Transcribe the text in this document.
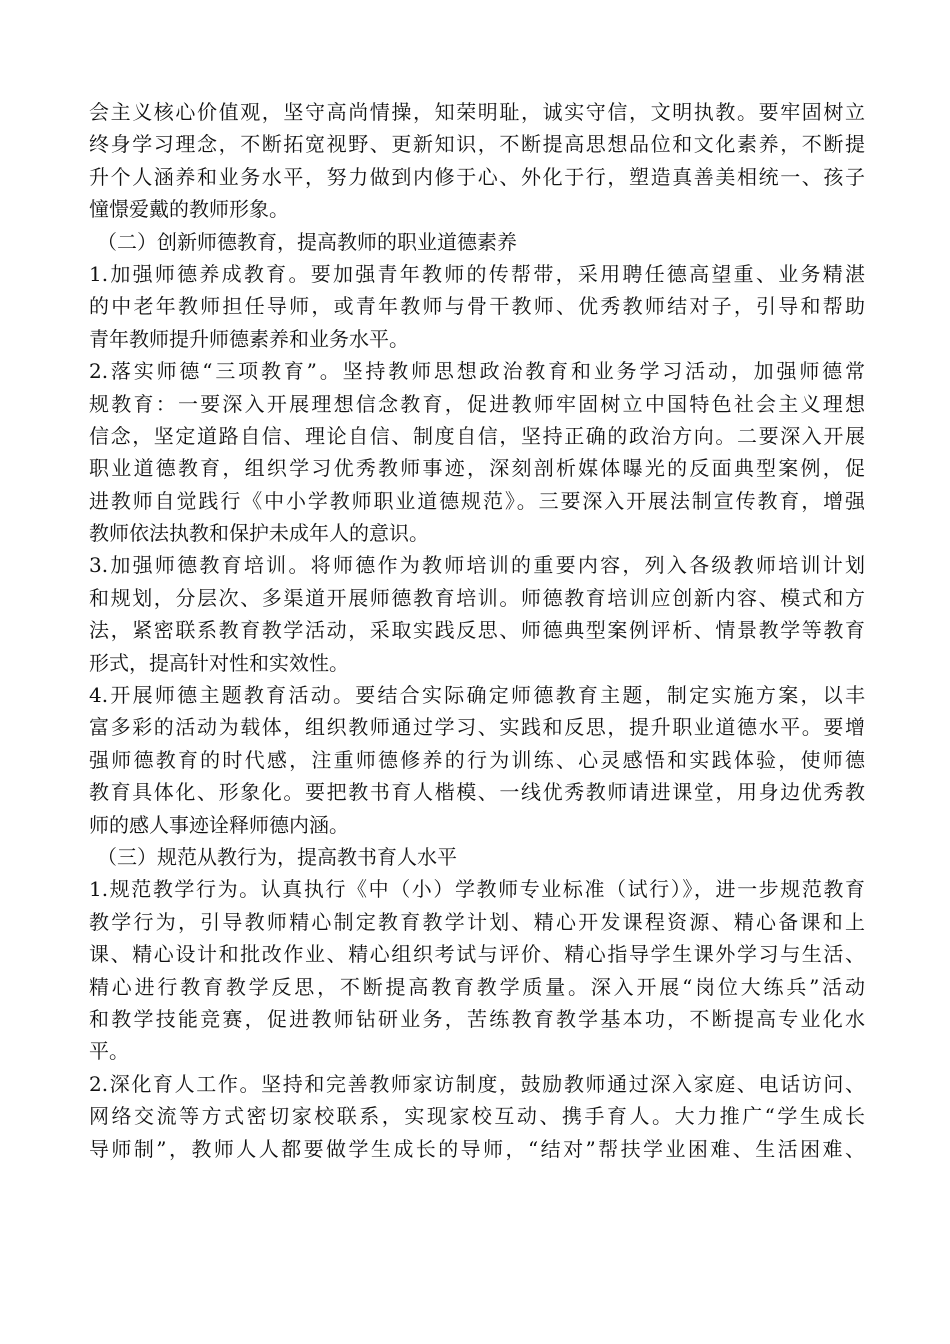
会主义核心价值观，坚守高尚情操，知荣明耻，诚实守信，文明执教。要牢固树立
终身学习理念，不断拓宽视野、更新知识，不断提高思想品位和文化素养，不断提
升个人涵养和业务水平，努力做到内修于心、外化于行，塑造真善美相统一、孩子
憧憬爱戴的教师形象。
（二）创新师德教育，提高教师的职业道德素养
1.加强师德养成教育。要加强青年教师的传帮带，采用聘任德高望重、业务精湛
的中老年教师担任导师，或青年教师与骨干教师、优秀教师结对子，引导和帮助
青年教师提升师德素养和业务水平。
2.落实师德“三项教育”。坚持教师思想政治教育和业务学习活动，加强师德常
规教育：一要深入开展理想信念教育，促进教师牢固树立中国特色社会主义理想
信念，坚定道路自信、理论自信、制度自信，坚持正确的政治方向。二要深入开展
职业道德教育，组织学习优秀教师事迹，深刻剖析媒体曝光的反面典型案例，促
进教师自觉践行《中小学教师职业道德规范》。三要深入开展法制宣传教育，增强
教师依法执教和保护未成年人的意识。
3.加强师德教育培训。将师德作为教师培训的重要内容，列入各级教师培训计划
和规划，分层次、多渠道开展师德教育培训。师德教育培训应创新内容、模式和方
法，紧密联系教育教学活动，采取实践反思、师德典型案例评析、情景教学等教育
形式，提高针对性和实效性。
4.开展师德主题教育活动。要结合实际确定师德教育主题，制定实施方案，以丰
富多彩的活动为载体，组织教师通过学习、实践和反思，提升职业道德水平。要增
强师德教育的时代感，注重师德修养的行为训练、心灵感悟和实践体验，使师德
教育具体化、形象化。要把教书育人楷模、一线优秀教师请进课堂，用身边优秀教
师的感人事迹诠释师德内涵。
（三）规范从教行为，提高教书育人水平
1.规范教学行为。认真执行《中（小）学教师专业标准（试行）》，进一步规范教育
教学行为，引导教师精心制定教育教学计划、精心开发课程资源、精心备课和上
课、精心设计和批改作业、精心组织考试与评价、精心指导学生课外学习与生活、
精心进行教育教学反思，不断提高教育教学质量。深入开展“岗位大练兵”活动
和教学技能竞赛，促进教师钻研业务，苦练教育教学基本功，不断提高专业化水
平。
2.深化育人工作。坚持和完善教师家访制度，鼓励教师通过深入家庭、电话访问、
网络交流等方式密切家校联系，实现家校互动、携手育人。大力推广“学生成长
导师制”，教师人人都要做学生成长的导师，“结对”帮扶学业困难、生活困难、
